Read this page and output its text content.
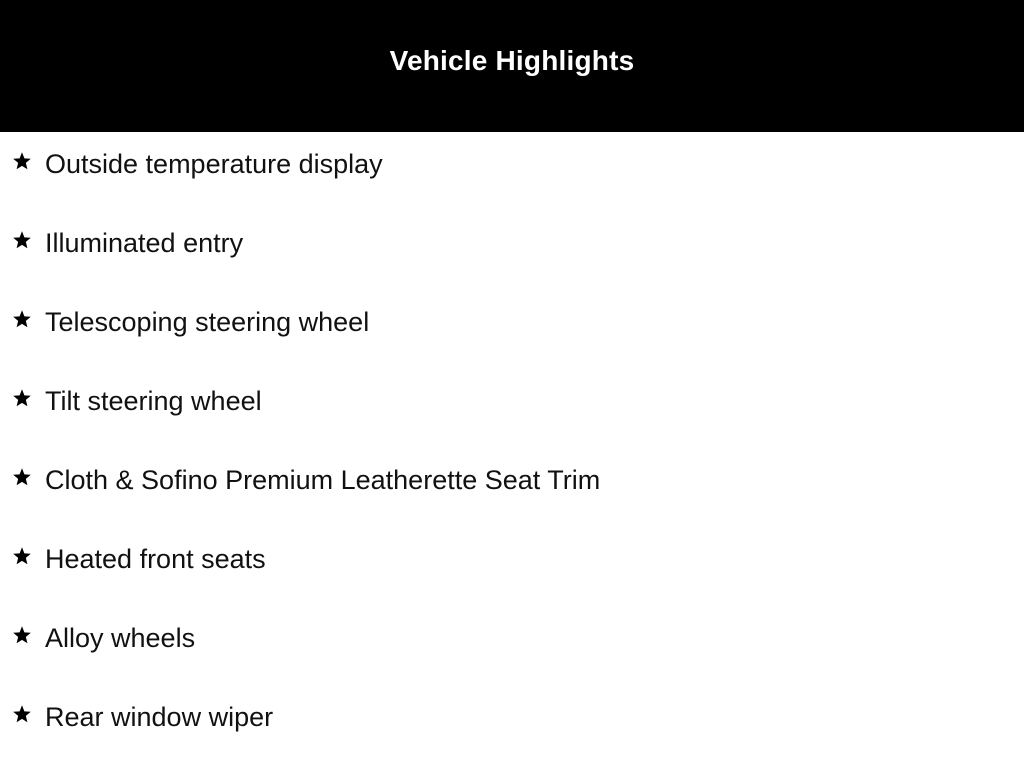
Vehicle Highlights
Outside temperature display
Illuminated entry
Telescoping steering wheel
Tilt steering wheel
Cloth & Sofino Premium Leatherette Seat Trim
Heated front seats
Alloy wheels
Rear window wiper
